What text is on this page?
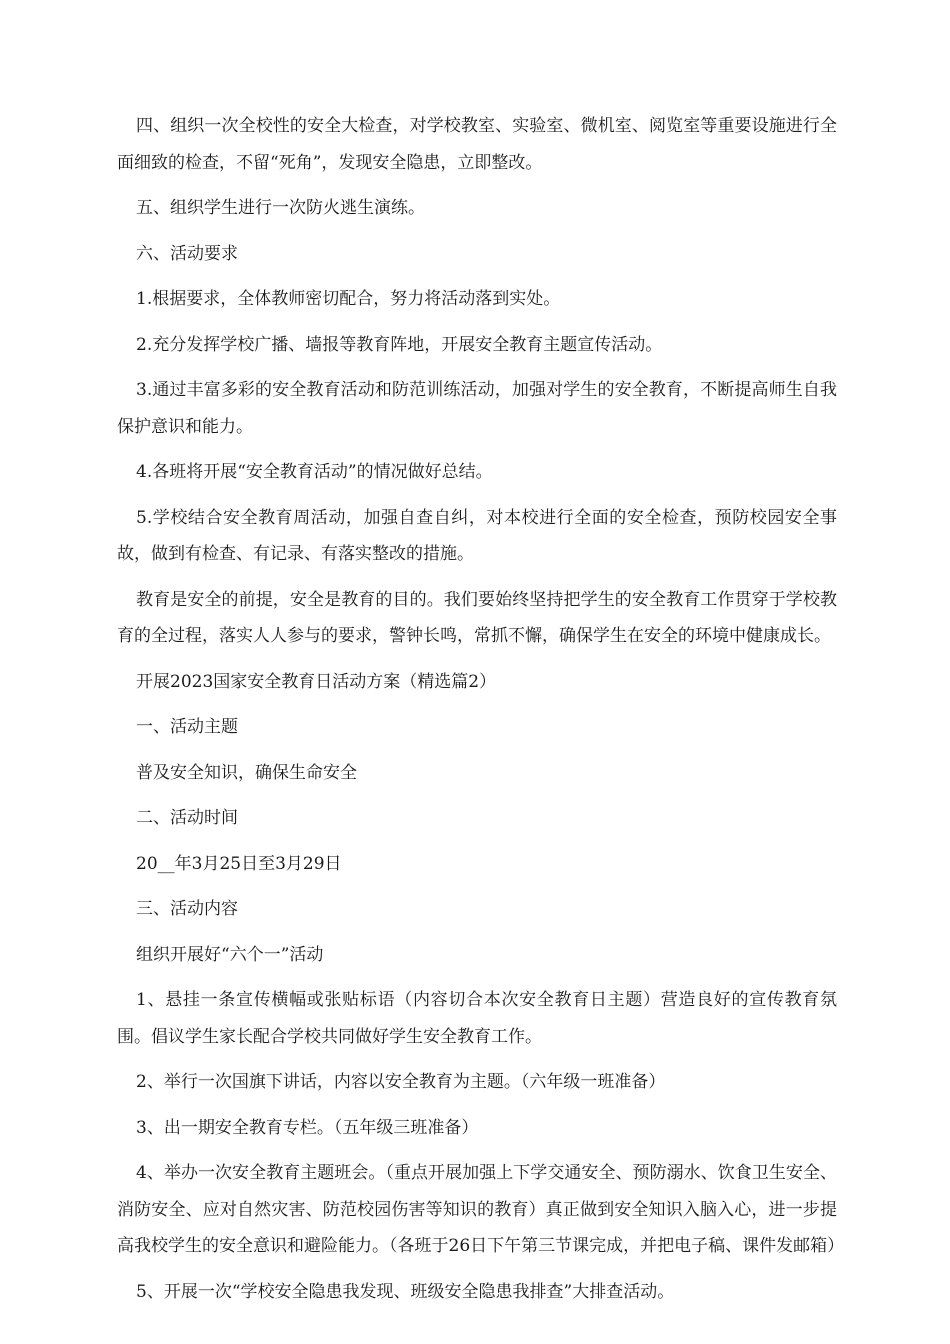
四、组织一次全校性的安全大检查，对学校教室、实验室、微机室、阅览室等重要设施进行全面细致的检查，不留“死角”，发现安全隐患，立即整改。

五、组织学生进行一次防火逃生演练。

六、活动要求

1.根据要求，全体教师密切配合，努力将活动落到实处。

2.充分发挥学校广播、墙报等教育阵地，开展安全教育主题宣传活动。

3.通过丰富多彩的安全教育活动和防范训练活动，加强对学生的安全教育，不断提高师生自我保护意识和能力。

4.各班将开展“安全教育活动”的情况做好总结。

5.学校结合安全教育周活动，加强自查自纠，对本校进行全面的安全检查，预防校园安全事故，做到有检查、有记录、有落实整改的措施。

教育是安全的前提，安全是教育的目的。我们要始终坚持把学生的安全教育工作贯穿于学校教育的全过程，落实人人参与的要求，警钟长鸣，常抓不懈，确保学生在安全的环境中健康成长。

开展2023国家安全教育日活动方案（精选篇2）

一、活动主题

普及安全知识，确保生命安全

二、活动时间

20__年3月25日至3月29日

三、活动内容

组织开展好“六个一”活动

1、悬挂一条宣传横幅或张贴标语（内容切合本次安全教育日主题）营造良好的宣传教育氛围。倡议学生家长配合学校共同做好学生安全教育工作。

2、举行一次国旗下讲话，内容以安全教育为主题。（六年级一班准备）

3、出一期安全教育专栏。（五年级三班准备）

4、举办一次安全教育主题班会。（重点开展加强上下学交通安全、预防溺水、饮食卫生安全、消防安全、应对自然灾害、防范校园伤害等知识的教育）真正做到安全知识入脑入心，进一步提高我校学生的安全意识和避险能力。（各班于26日下午第三节课完成，并把电子稿、课件发邮箱）

5、开展一次“学校安全隐患我发现、班级安全隐患我排查”大排查活动。
